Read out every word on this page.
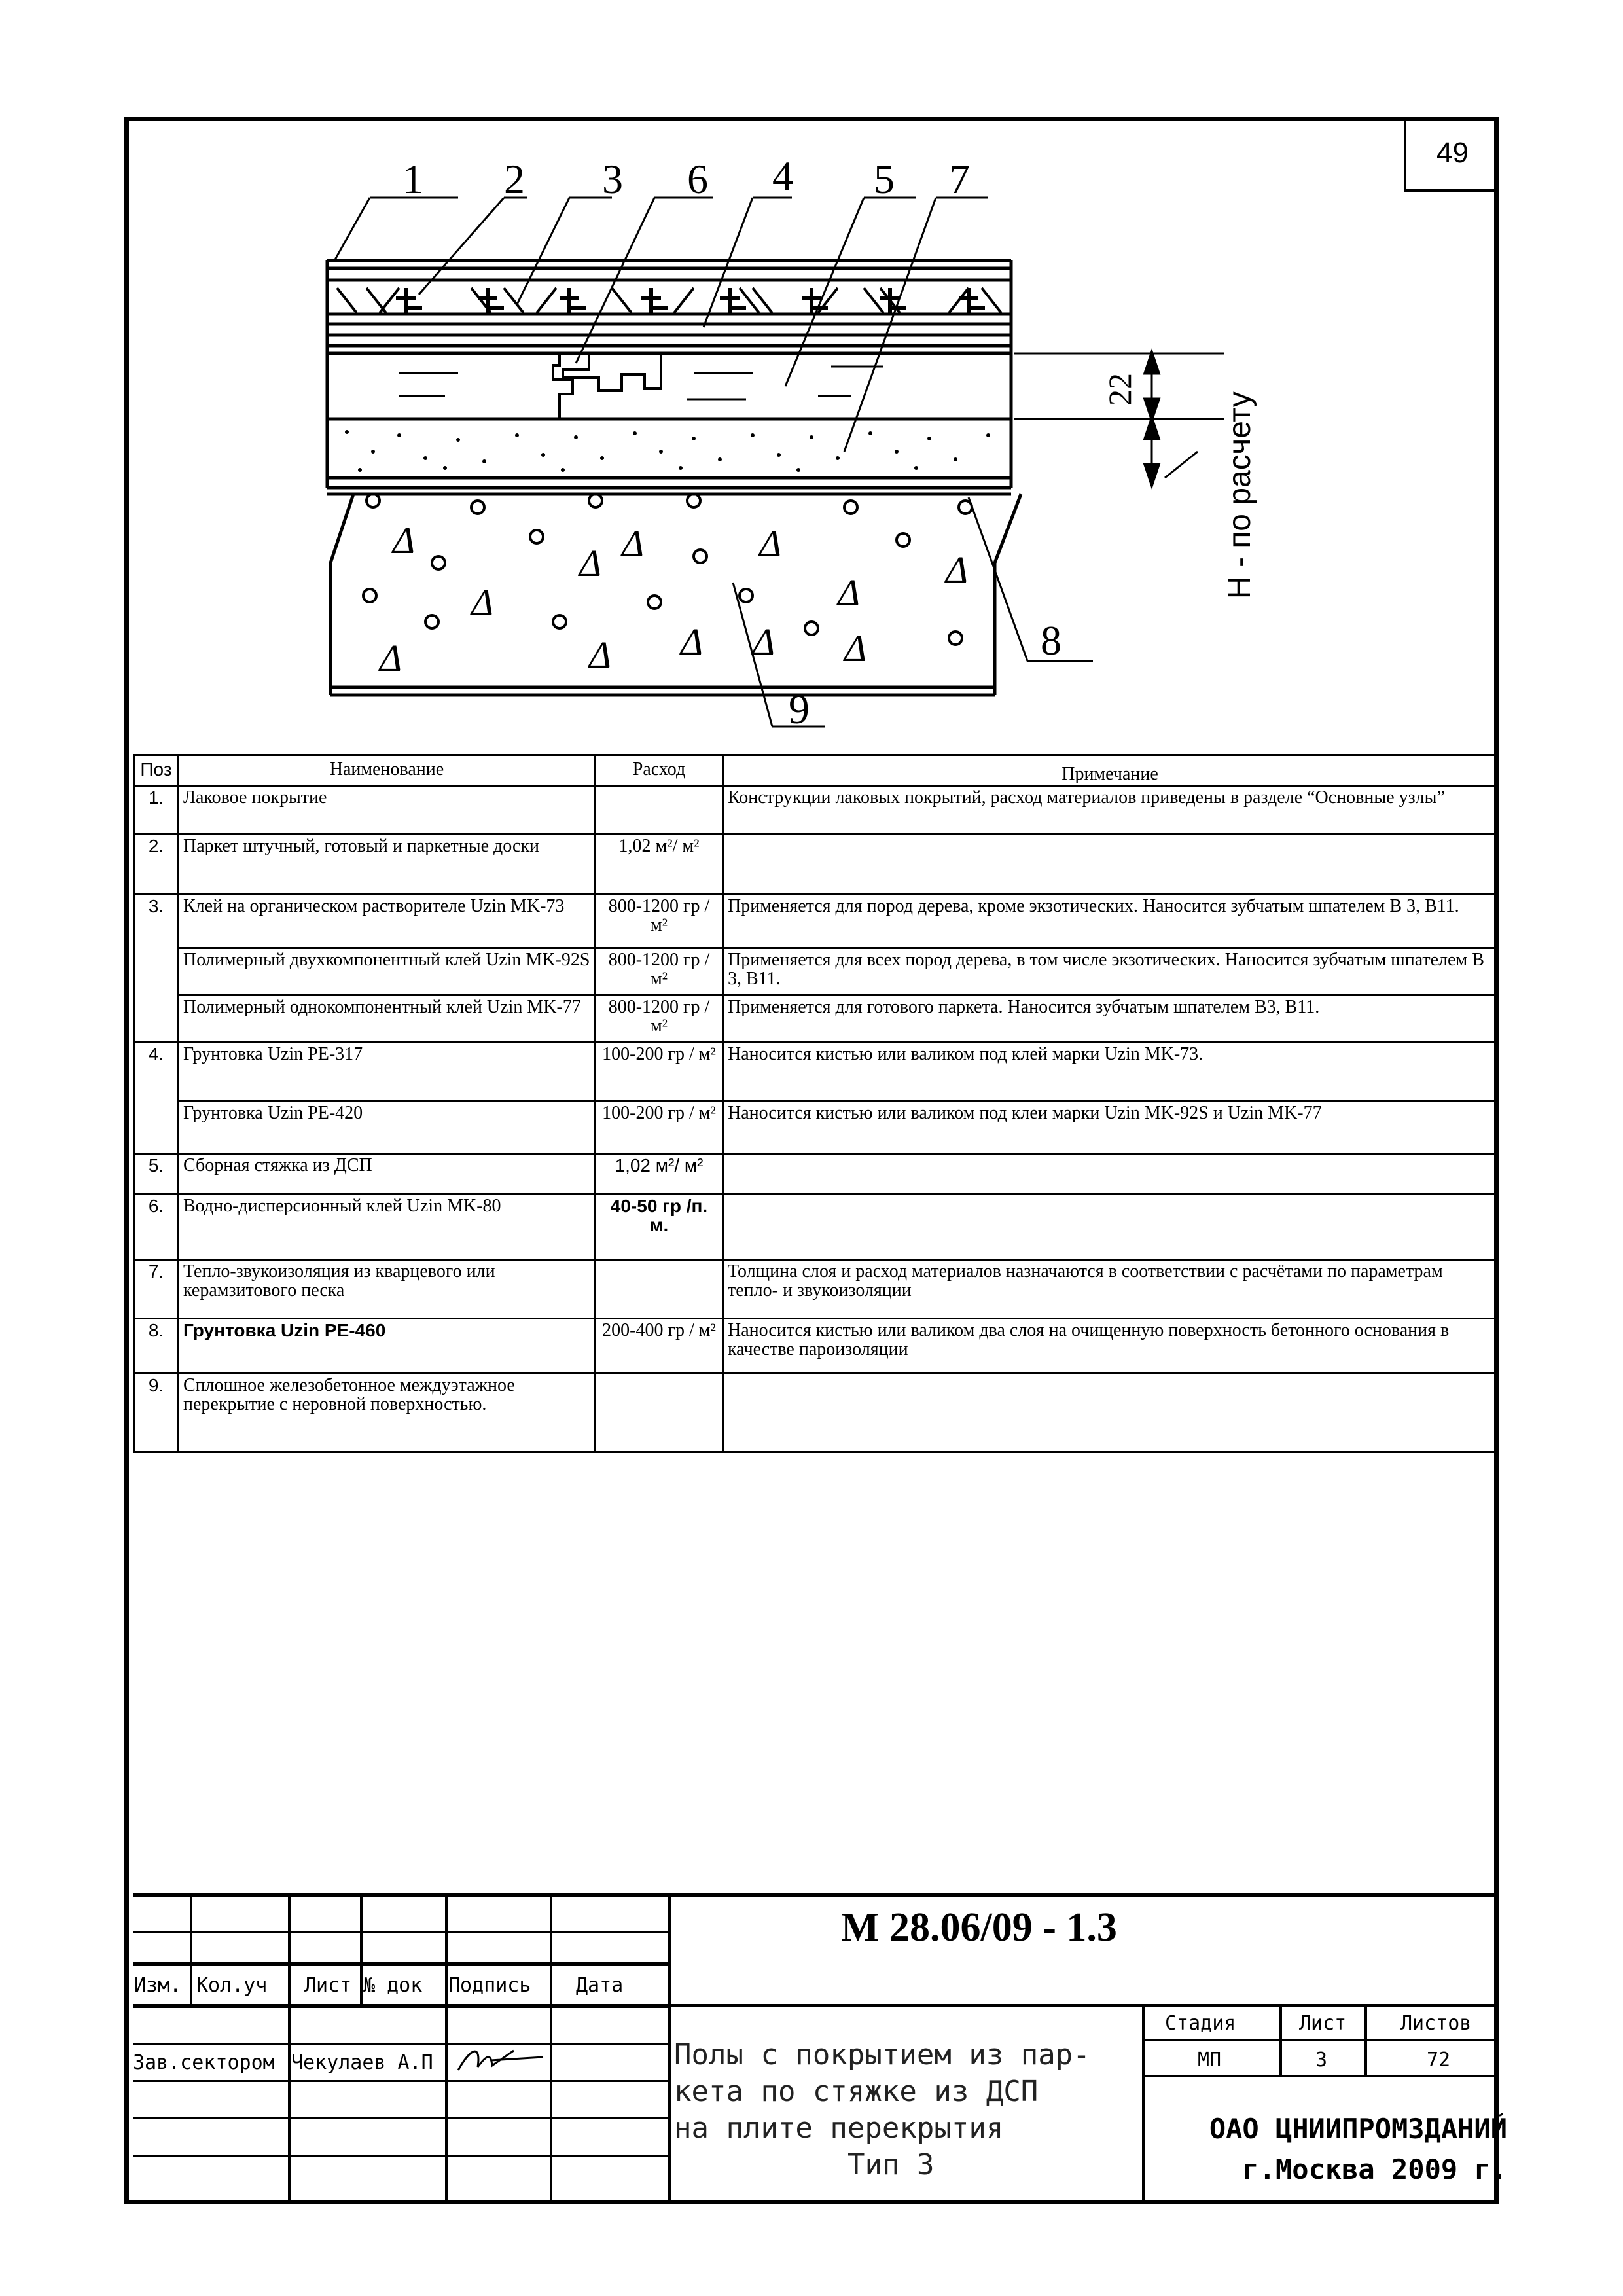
49
Δ
Δ Δ	Δ
Δ
Δ	Δ
Δ
Δ	Δ Δ Δ
1 2 3 6 4 5 7
8
9
22
Н - по расчету
Поз	Наименование	Расход	Примечание
1.	Лаковое покрытие		Конструкции лаковых покрытий, расход материалов приведены в разделе “Основные узлы”
2.	Паркет штучный, готовый и паркетные доски	1,02 м²/ м²	
3.	Клей на органическом растворителе Uzin MK-73	800-1200 гр / м²	Применяется для пород дерева, кроме экзотических. Наносится зубчатым шпателем В 3, В11.
	Полимерный двухкомпонентный клей Uzin MK-92S	800-1200 гр / м²	Применяется для всех пород дерева, в том числе экзотических. Наносится зубчатым шпателем В 3, В11.
	Полимерный однокомпонентный клей Uzin MK-77	800-1200 гр / м²	Применяется для готового паркета. Наносится зубчатым шпателем В3, В11.
4.	Грунтовка Uzin PE-317	100-200 гр / м²	Наносится кистью или валиком под клей марки Uzin MK-73.
	Грунтовка Uzin PE-420	100-200 гр / м²	Наносится кистью или валиком под клеи марки Uzin MK-92S и Uzin MK-77
5.	Сборная стяжка из ДСП	1,02 м²/ м²	
6.	Водно-дисперсионный клей Uzin MK-80	40-50 гр /п. м.	
7.	Тепло-звукоизоляция из кварцевого или керамзитового песка		Толщина слоя и расход материалов назначаются в соответствии с расчётами по параметрам тепло- и звукоизоляции
8.	Грунтовка Uzin PE-460	200-400 гр / м²	Наносится кистью или валиком два слоя на очищенную поверхность бетонного основания в качестве пароизоляции
9.	Сплошное железобетонное междуэтажное перекрытие с неровной поверхностью.		
Изм. Кол.уч Лист № док Подпись Дата
Зав.сектором Чекулаев А.П
М 28.06/09 - 1.3
Полы с покрытием из пар-
кета по стяжке из ДСП
на плите перекрытия
Тип 3
Стадия	Лист	Листов
МП	3	72
ОАО ЦНИИПРОМЗДАНИЙ
г.Москва 2009 г.
